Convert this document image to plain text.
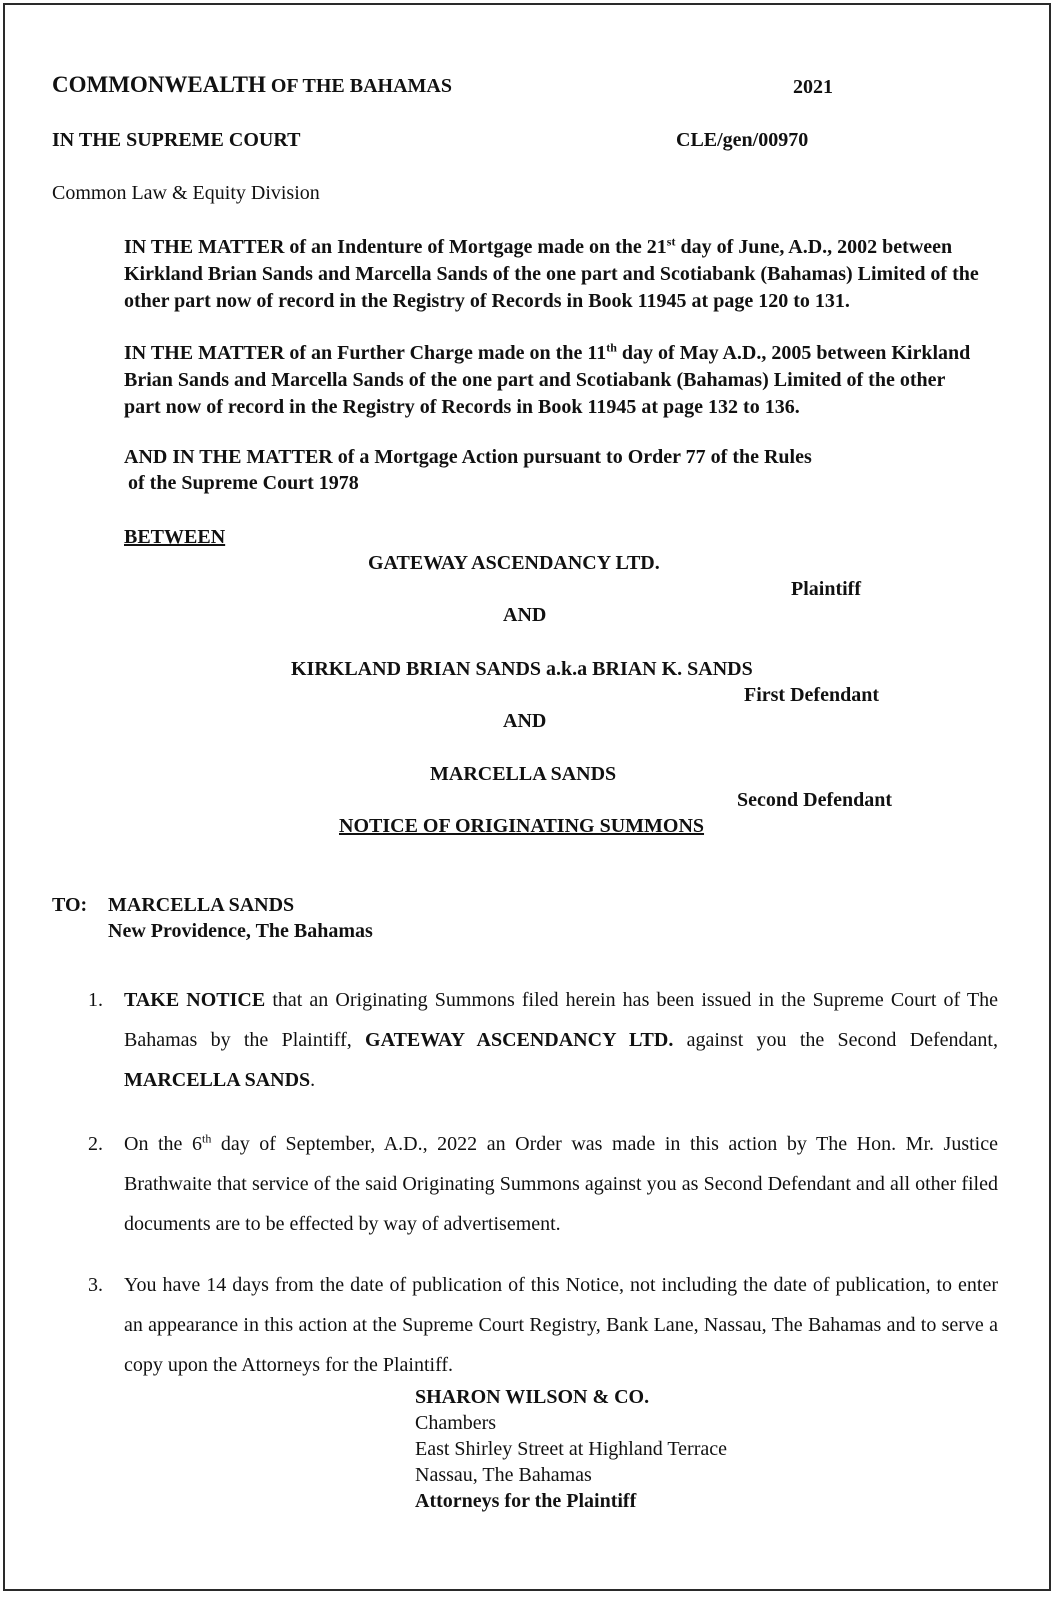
COMMONWEALTH OF THE BAHAMAS	2021
IN THE SUPREME COURT	CLE/gen/00970
Common Law & Equity Division
IN THE MATTER of an Indenture of Mortgage made on the 21st day of June, A.D., 2002 between Kirkland Brian Sands and Marcella Sands of the one part and Scotiabank (Bahamas) Limited of the other part now of record in the Registry of Records in Book 11945 at page 120 to 131.
IN THE MATTER of an Further Charge made on the 11th day of May A.D., 2005 between Kirkland Brian Sands and Marcella Sands of the one part and Scotiabank (Bahamas) Limited of the other part now of record in the Registry of Records in Book 11945 at page 132 to 136.
AND IN THE MATTER of a Mortgage Action pursuant to Order 77 of the Rules
of the Supreme Court 1978
BETWEEN
GATEWAY ASCENDANCY LTD.
Plaintiff
AND
KIRKLAND BRIAN SANDS a.k.a BRIAN K. SANDS
First Defendant
AND
MARCELLA SANDS
Second Defendant
NOTICE OF ORIGINATING SUMMONS
TO: MARCELLA SANDS
New Providence, The Bahamas
1. TAKE NOTICE that an Originating Summons filed herein has been issued in the Supreme Court of The Bahamas by the Plaintiff, GATEWAY ASCENDANCY LTD. against you the Second Defendant, MARCELLA SANDS.
2. On the 6th day of September, A.D., 2022 an Order was made in this action by The Hon. Mr. Justice Brathwaite that service of the said Originating Summons against you as Second Defendant and all other filed documents are to be effected by way of advertisement.
3. You have 14 days from the date of publication of this Notice, not including the date of publication, to enter an appearance in this action at the Supreme Court Registry, Bank Lane, Nassau, The Bahamas and to serve a copy upon the Attorneys for the Plaintiff.
SHARON WILSON & CO.
Chambers
East Shirley Street at Highland Terrace
Nassau, The Bahamas
Attorneys for the Plaintiff
